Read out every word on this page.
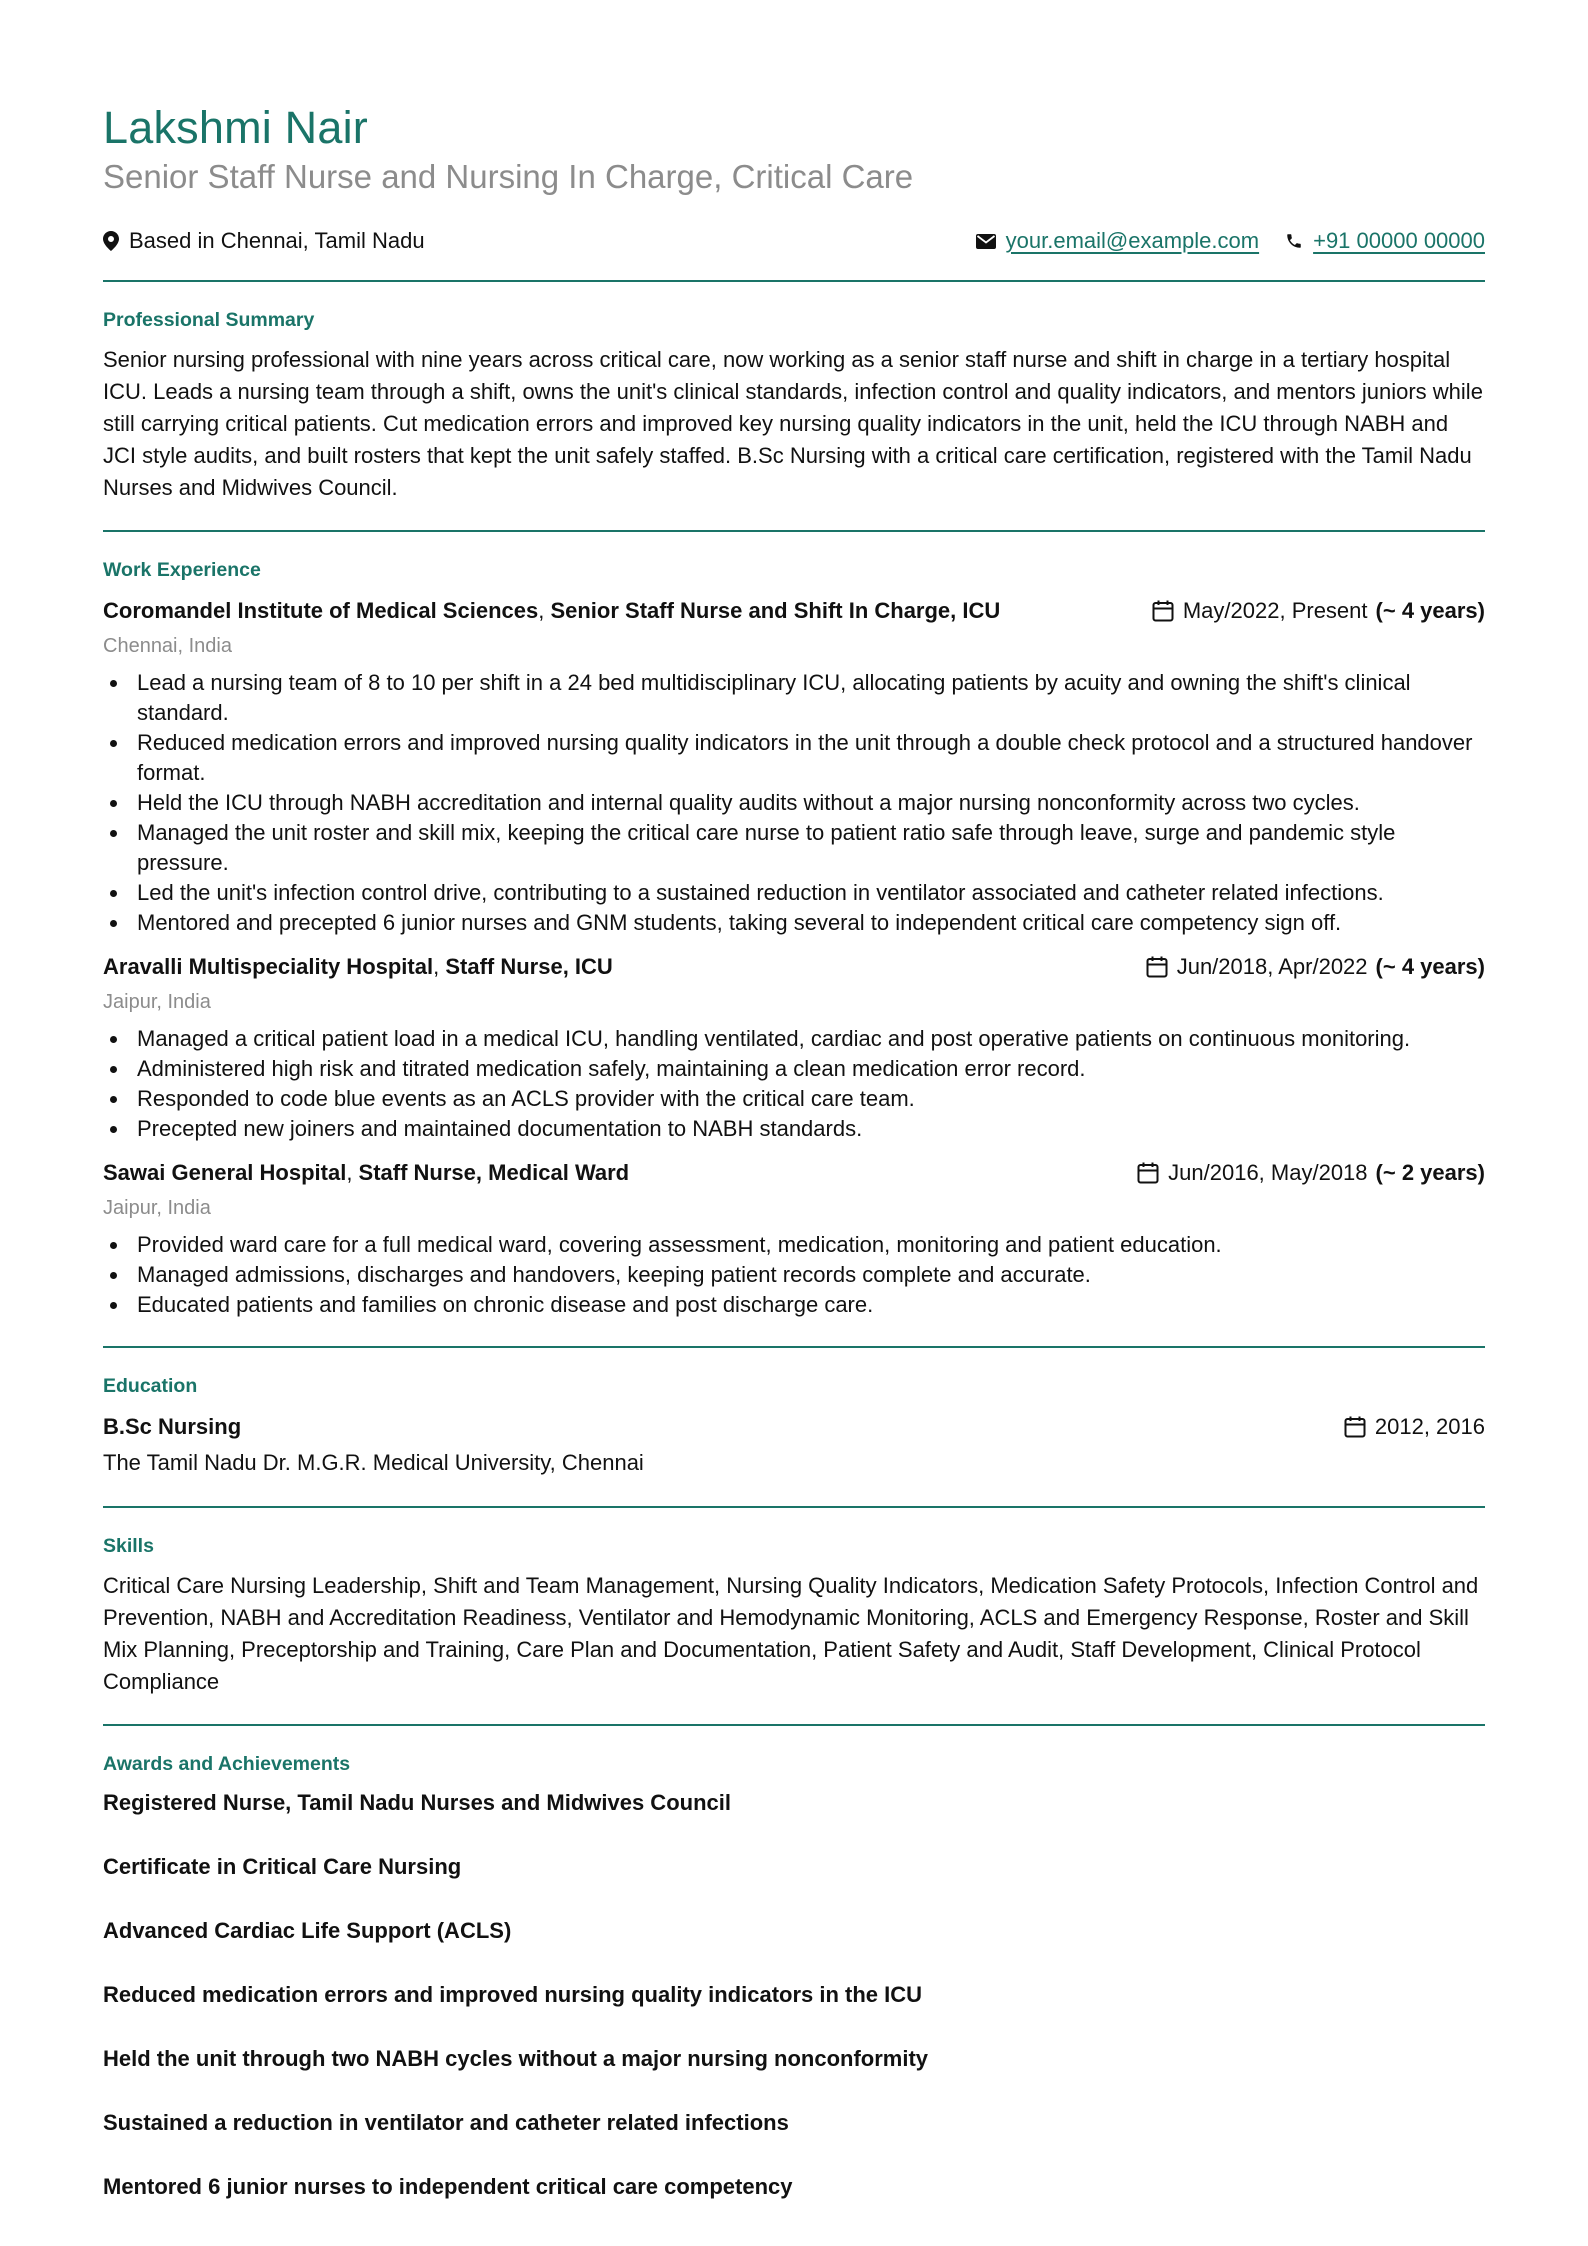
Lakshmi Nair
Senior Staff Nurse and Nursing In Charge, Critical Care
Based in Chennai, Tamil Nadu	your.email@example.com +91 00000 00000
Professional Summary

Senior nursing professional with nine years across critical care, now working as a senior staff nurse and shift in charge in a tertiary hospital ICU. Leads a nursing team through a shift, owns the unit's clinical standards, infection control and quality indicators, and mentors juniors while still carrying critical patients. Cut medication errors and improved key nursing quality indicators in the unit, held the ICU through NABH and JCI style audits, and built rosters that kept the unit safely staffed. B.Sc Nursing with a critical care certification, registered with the Tamil Nadu Nurses and Midwives Council.

Work Experience
Coromandel Institute of Medical Sciences, Senior Staff Nurse and Shift In Charge, ICU	May/2022, Present (~ 4 years)
Chennai, India
Lead a nursing team of 8 to 10 per shift in a 24 bed multidisciplinary ICU, allocating patients by acuity and owning the shift's clinical standard.
Reduced medication errors and improved nursing quality indicators in the unit through a double check protocol and a structured handover format.
Held the ICU through NABH accreditation and internal quality audits without a major nursing nonconformity across two cycles.
Managed the unit roster and skill mix, keeping the critical care nurse to patient ratio safe through leave, surge and pandemic style pressure.
Led the unit's infection control drive, contributing to a sustained reduction in ventilator associated and catheter related infections.
Mentored and precepted 6 junior nurses and GNM students, taking several to independent critical care competency sign off.
Aravalli Multispeciality Hospital, Staff Nurse, ICU	Jun/2018, Apr/2022 (~ 4 years)
Jaipur, India
Managed a critical patient load in a medical ICU, handling ventilated, cardiac and post operative patients on continuous monitoring.
Administered high risk and titrated medication safely, maintaining a clean medication error record.
Responded to code blue events as an ACLS provider with the critical care team.
Precepted new joiners and maintained documentation to NABH standards.
Sawai General Hospital, Staff Nurse, Medical Ward	Jun/2016, May/2018 (~ 2 years)
Jaipur, India
Provided ward care for a full medical ward, covering assessment, medication, monitoring and patient education.
Managed admissions, discharges and handovers, keeping patient records complete and accurate.
Educated patients and families on chronic disease and post discharge care.
Education
B.Sc Nursing	2012, 2016
The Tamil Nadu Dr. M.G.R. Medical University, Chennai
Skills

Critical Care Nursing Leadership, Shift and Team Management, Nursing Quality Indicators, Medication Safety Protocols, Infection Control and Prevention, NABH and Accreditation Readiness, Ventilator and Hemodynamic Monitoring, ACLS and Emergency Response, Roster and Skill Mix Planning, Preceptorship and Training, Care Plan and Documentation, Patient Safety and Audit, Staff Development, Clinical Protocol Compliance

Awards and Achievements
Registered Nurse, Tamil Nadu Nurses and Midwives Council
Certificate in Critical Care Nursing
Advanced Cardiac Life Support (ACLS)
Reduced medication errors and improved nursing quality indicators in the ICU
Held the unit through two NABH cycles without a major nursing nonconformity
Sustained a reduction in ventilator and catheter related infections
Mentored 6 junior nurses to independent critical care competency
